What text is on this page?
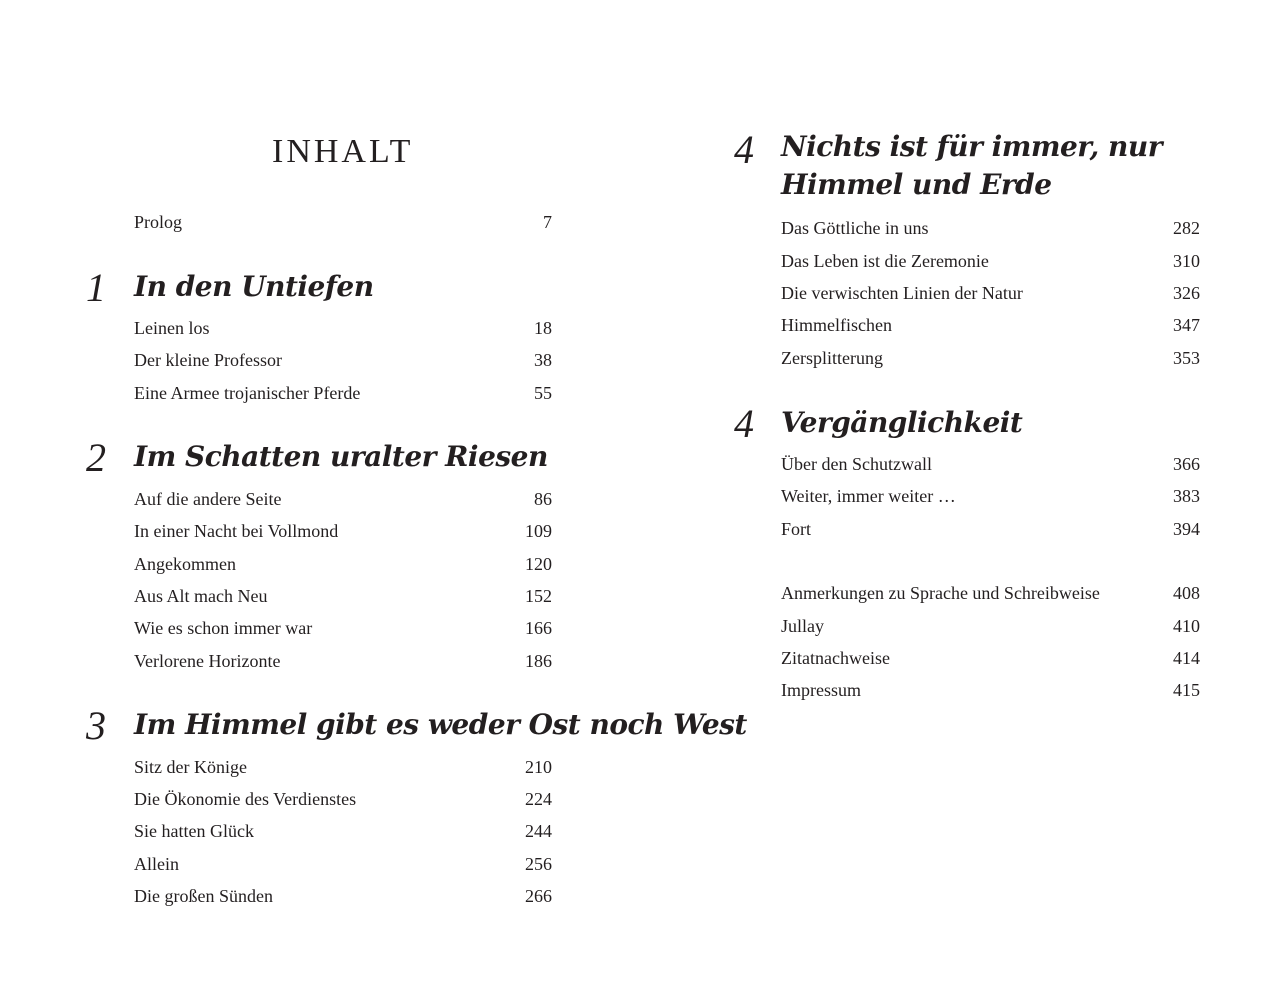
INHALT
Prolog	7
1	In den Untiefen
Leinen los	18
Der kleine Professor	38
Eine Armee trojanischer Pferde	55
2	Im Schatten uralter Riesen
Auf die andere Seite	86
In einer Nacht bei Vollmond	109
Angekommen	120
Aus Alt mach Neu	152
Wie es schon immer war	166
Verlorene Horizonte	186
3	Im Himmel gibt es weder Ost noch West
Sitz der Könige	210
Die Ökonomie des Verdienstes	224
Sie hatten Glück	244
Allein	256
Die großen Sünden	266
4 Nichts ist für immer, nur Himmel und Erde
Das Göttliche in uns	282
Das Leben ist die Zeremonie	310
Die verwischten Linien der Natur	326
Himmelfischen	347
Zersplitterung	353
4 Vergänglichkeit
Über den Schutzwall	366
Weiter, immer weiter …	383
Fort	394
Anmerkungen zu Sprache und Schreibweise	408
Jullay	410
Zitatnachweise	414
Impressum	415
